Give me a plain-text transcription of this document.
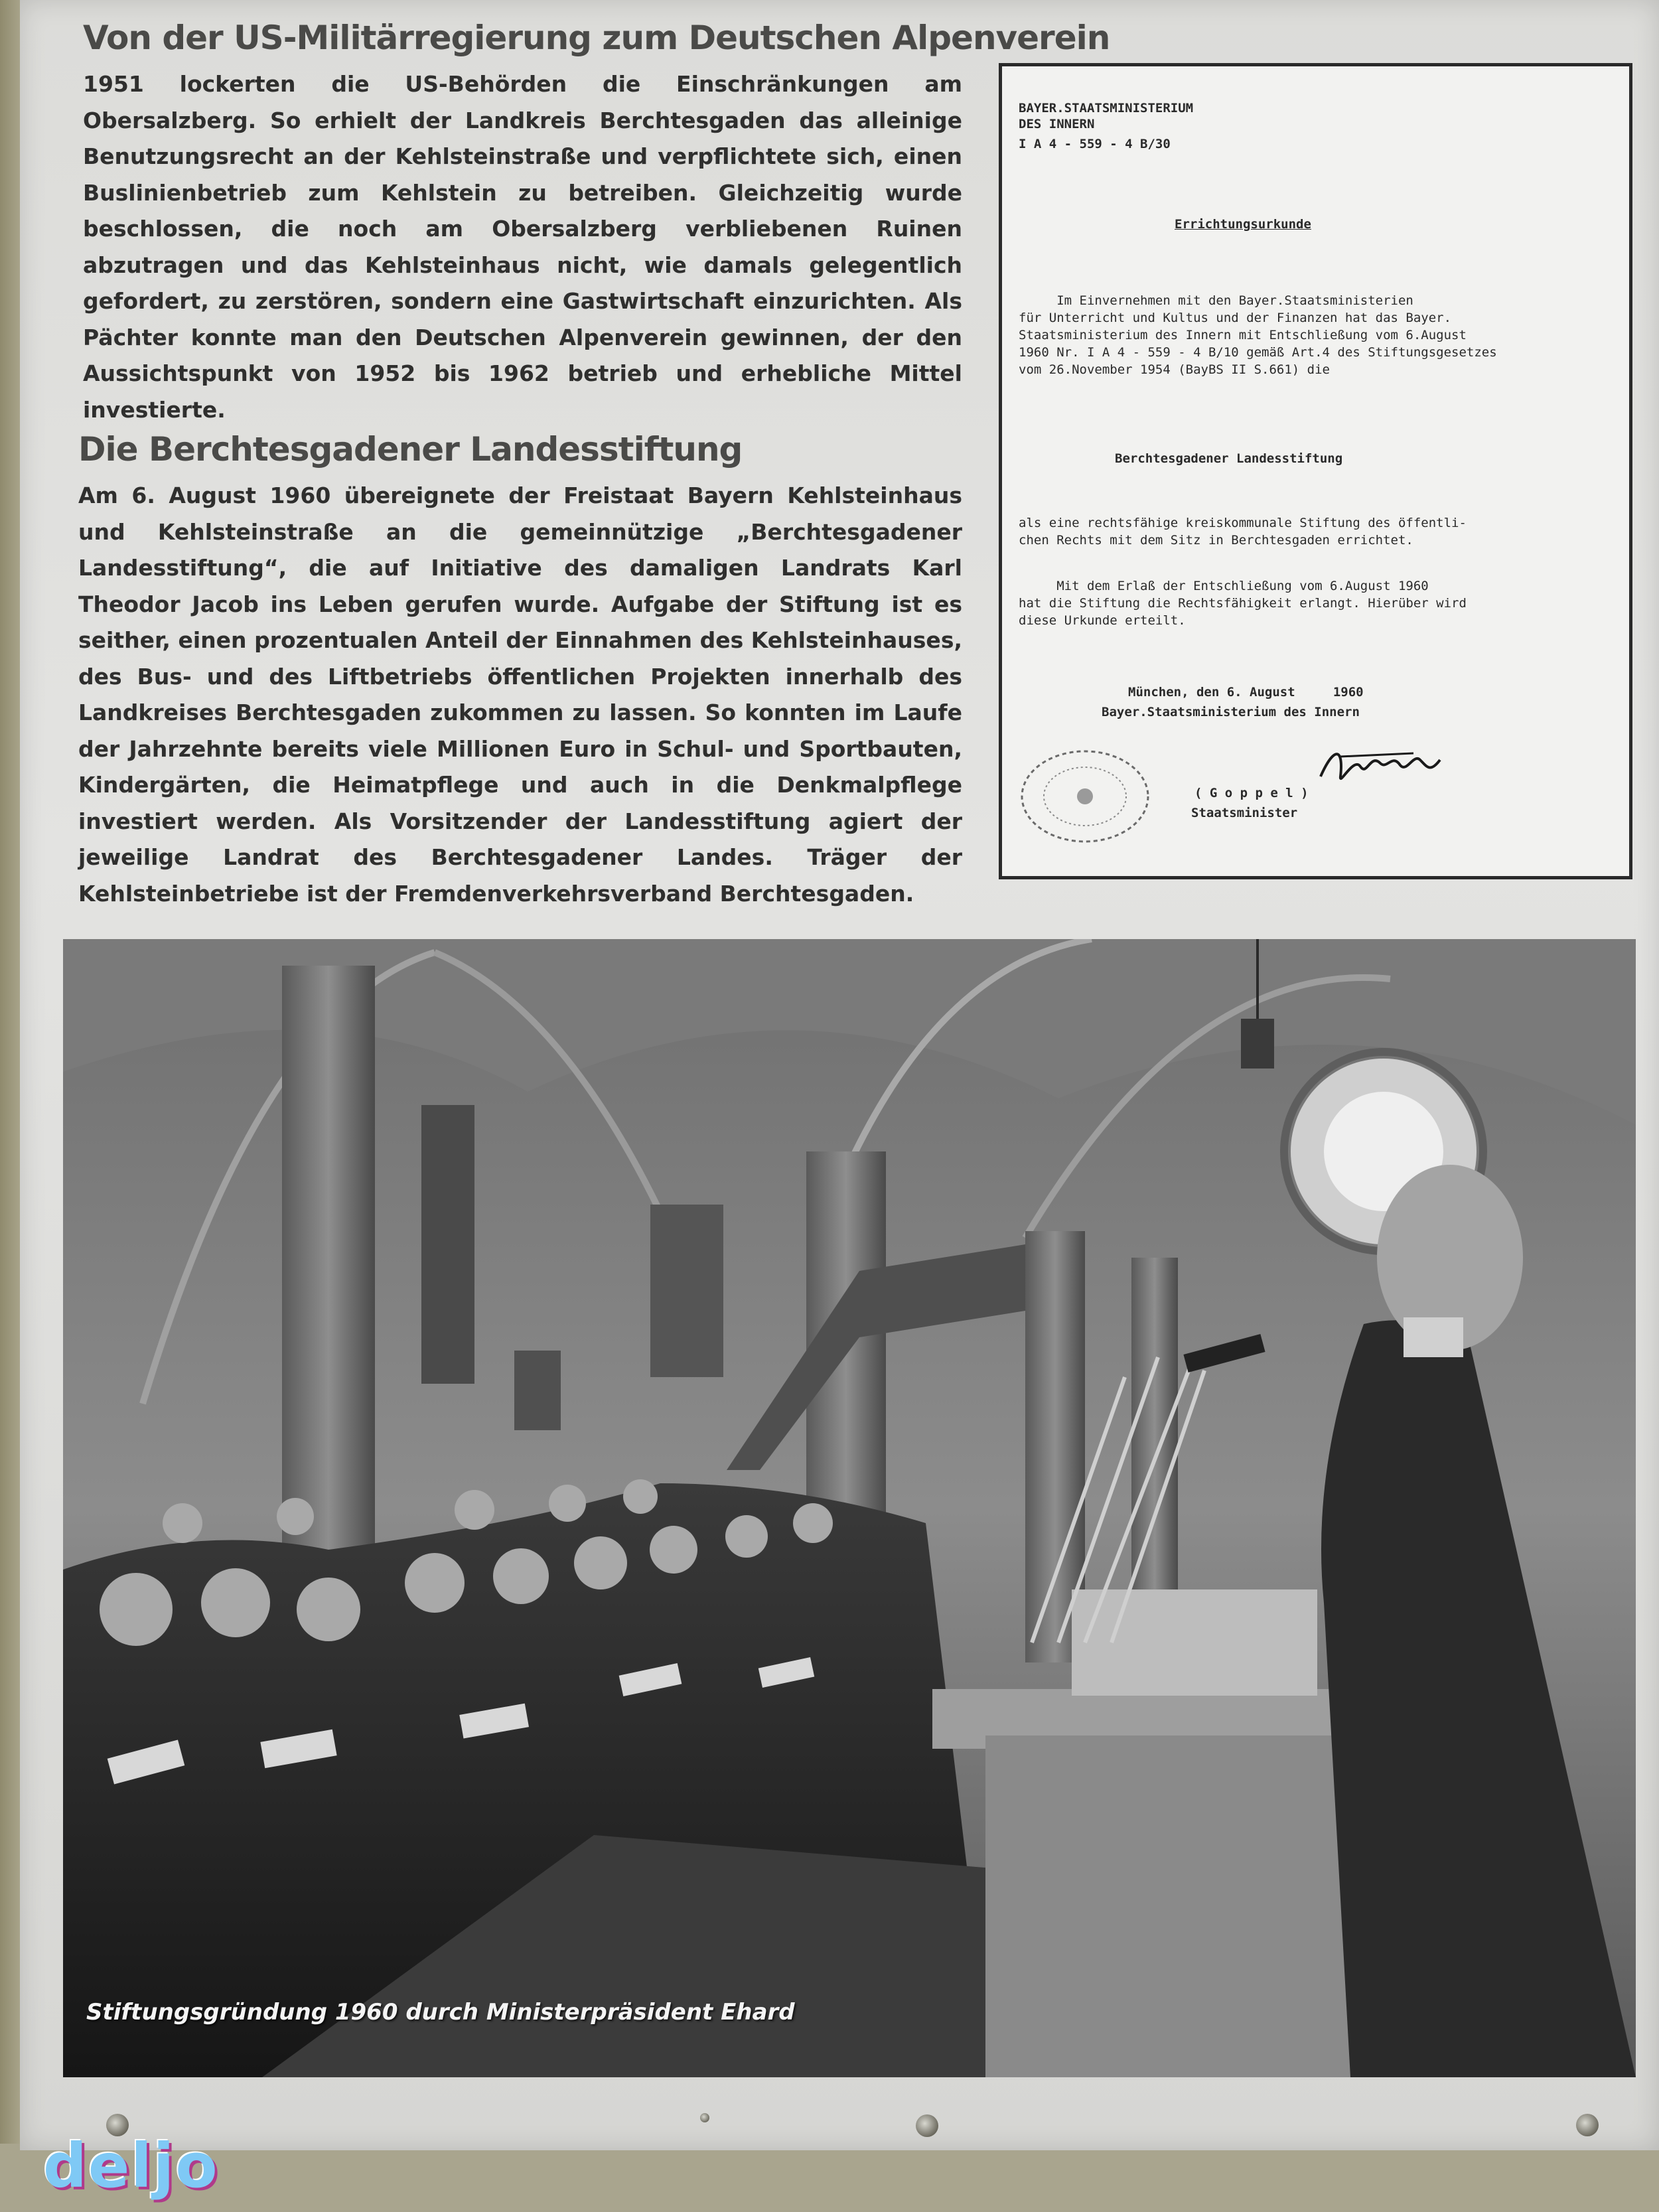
Von der US-Militärregierung zum Deutschen Alpenverein

1951 lockerten die US-Behörden die Einschränkungen am Obersalzberg. So erhielt der Landkreis Berchtesgaden das alleinige Benutzungsrecht an der Kehlsteinstraße und verpflichtete sich, einen Buslinienbetrieb zum Kehlstein zu betreiben. Gleichzeitig wurde beschlossen, die noch am Obersalzberg verbliebenen Ruinen abzutragen und das Kehlsteinhaus nicht, wie damals gelegentlich gefordert, zu zerstören, sondern eine Gastwirtschaft einzurichten. Als Pächter konnte man den Deutschen Alpenverein gewinnen, der den Aussichtspunkt von 1952 bis 1962 betrieb und erhebliche Mittel investierte.

Die Berchtesgadener Landesstiftung

Am 6. August 1960 übereignete der Freistaat Bayern Kehlsteinhaus und Kehlsteinstraße an die gemeinnützige „Berchtesgadener Landesstiftung“, die auf Initiative des damaligen Landrats Karl Theodor Jacob ins Leben gerufen wurde. Aufgabe der Stiftung ist es seither, einen prozentualen Anteil der Einnahmen des Kehlsteinhauses, des Bus- und des Liftbetriebs öffentlichen Projekten innerhalb des Landkreises Berchtesgaden zukommen zu lassen. So konnten im Laufe der Jahrzehnte bereits viele Millionen Euro in Schul- und Sportbauten, Kindergärten, die Heimatpflege und auch in die Denkmalpflege investiert werden. Als Vorsitzender der Landesstiftung agiert der jeweilige Landrat des Berchtesgadener Landes. Träger der Kehlsteinbetriebe ist der Fremdenverkehrsverband Berchtesgaden.

BAYER.STAATSMINISTERIUM

DES INNERN

I A 4 - 559 - 4 B/30

Errichtungsurkunde

Im Einvernehmen mit den Bayer.Staatsministerien

für Unterricht und Kultus und der Finanzen hat das Bayer.

Staatsministerium des Innern mit Entschließung vom 6.August

1960 Nr. I A 4 - 559 - 4 B/10 gemäß Art.4 des Stiftungsgesetzes

vom 26.November 1954 (BayBS II S.661) die

Berchtesgadener Landesstiftung

als eine rechtsfähige kreiskommunale Stiftung des öffentli-

chen Rechts mit dem Sitz in Berchtesgaden errichtet.

Mit dem Erlaß der Entschließung vom 6.August 1960

hat die Stiftung die Rechtsfähigkeit erlangt. Hierüber wird

diese Urkunde erteilt.

München, den 6. August     1960

Bayer.Staatsministerium des Innern

( G o p p e l )

Staatsminister

Stiftungsgründung 1960 durch Ministerpräsident Ehard

deljo
